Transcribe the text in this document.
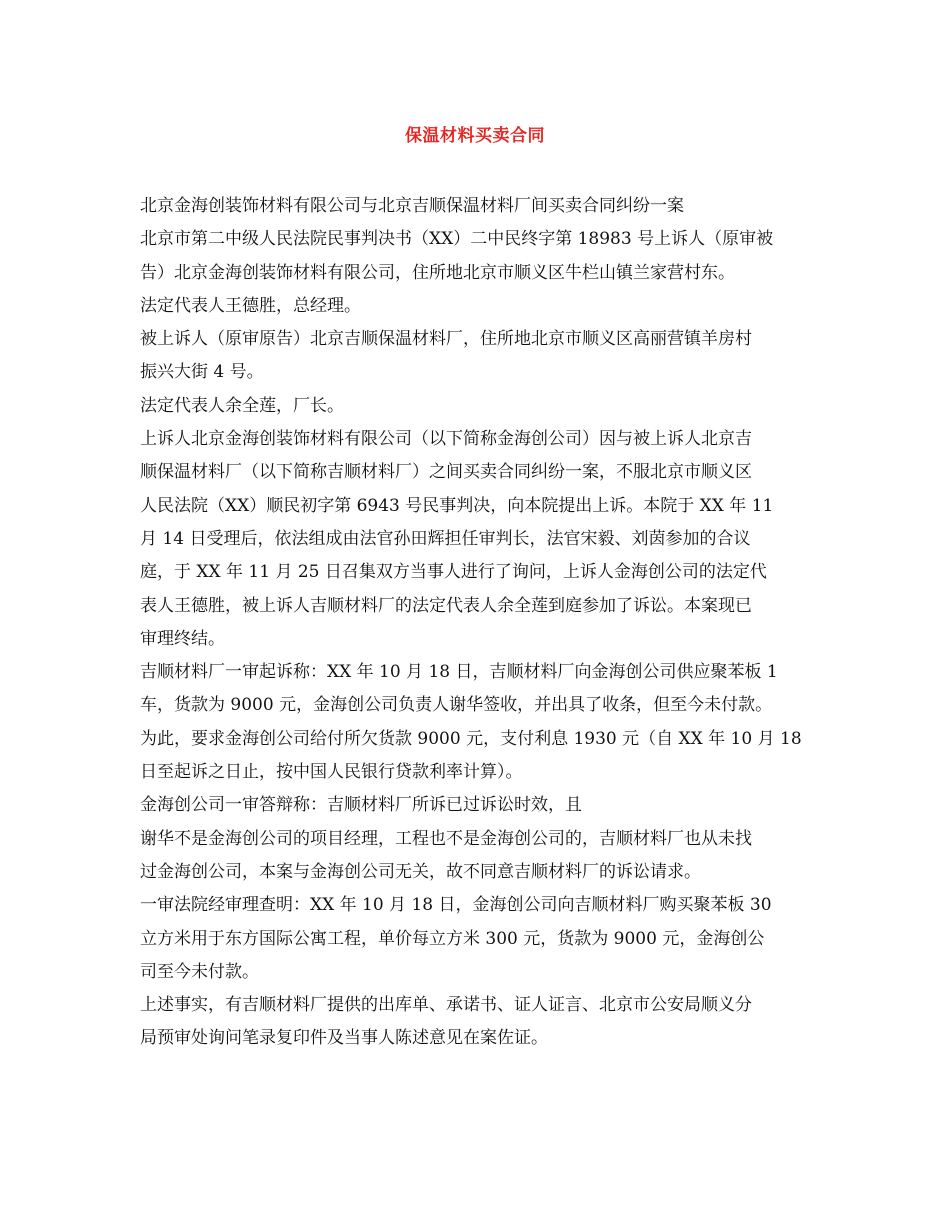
保温材料买卖合同
北京金海创装饰材料有限公司与北京吉顺保温材料厂间买卖合同纠纷一案
北京市第二中级人民法院民事判决书（XX）二中民终字第 18983 号上诉人（原审被
告）北京金海创装饰材料有限公司，住所地北京市顺义区牛栏山镇兰家营村东。
法定代表人王德胜，总经理。
被上诉人（原审原告）北京吉顺保温材料厂，住所地北京市顺义区高丽营镇羊房村
振兴大街 4 号。
法定代表人余全莲，厂长。
上诉人北京金海创装饰材料有限公司（以下简称金海创公司）因与被上诉人北京吉
顺保温材料厂（以下简称吉顺材料厂）之间买卖合同纠纷一案，不服北京市顺义区
人民法院（XX）顺民初字第 6943 号民事判决，向本院提出上诉。本院于 XX 年 11
月 14 日受理后，依法组成由法官孙田辉担任审判长，法官宋毅、刘茵参加的合议
庭，于 XX 年 11 月 25 日召集双方当事人进行了询问，上诉人金海创公司的法定代
表人王德胜，被上诉人吉顺材料厂的法定代表人余全莲到庭参加了诉讼。本案现已
审理终结。
吉顺材料厂一审起诉称：XX 年 10 月 18 日，吉顺材料厂向金海创公司供应聚苯板 1
车，货款为 9000 元，金海创公司负责人谢华签收，并出具了收条，但至今未付款。
为此，要求金海创公司给付所欠货款 9000 元，支付利息 1930 元（自 XX 年 10 月 18
日至起诉之日止，按中国人民银行贷款利率计算）。
金海创公司一审答辩称：吉顺材料厂所诉已过诉讼时效，且
谢华不是金海创公司的项目经理，工程也不是金海创公司的，吉顺材料厂也从未找
过金海创公司，本案与金海创公司无关，故不同意吉顺材料厂的诉讼请求。
一审法院经审理查明：XX 年 10 月 18 日，金海创公司向吉顺材料厂购买聚苯板 30
立方米用于东方国际公寓工程，单价每立方米 300 元，货款为 9000 元，金海创公
司至今未付款。
上述事实，有吉顺材料厂提供的出库单、承诺书、证人证言、北京市公安局顺义分
局预审处询问笔录复印件及当事人陈述意见在案佐证。
